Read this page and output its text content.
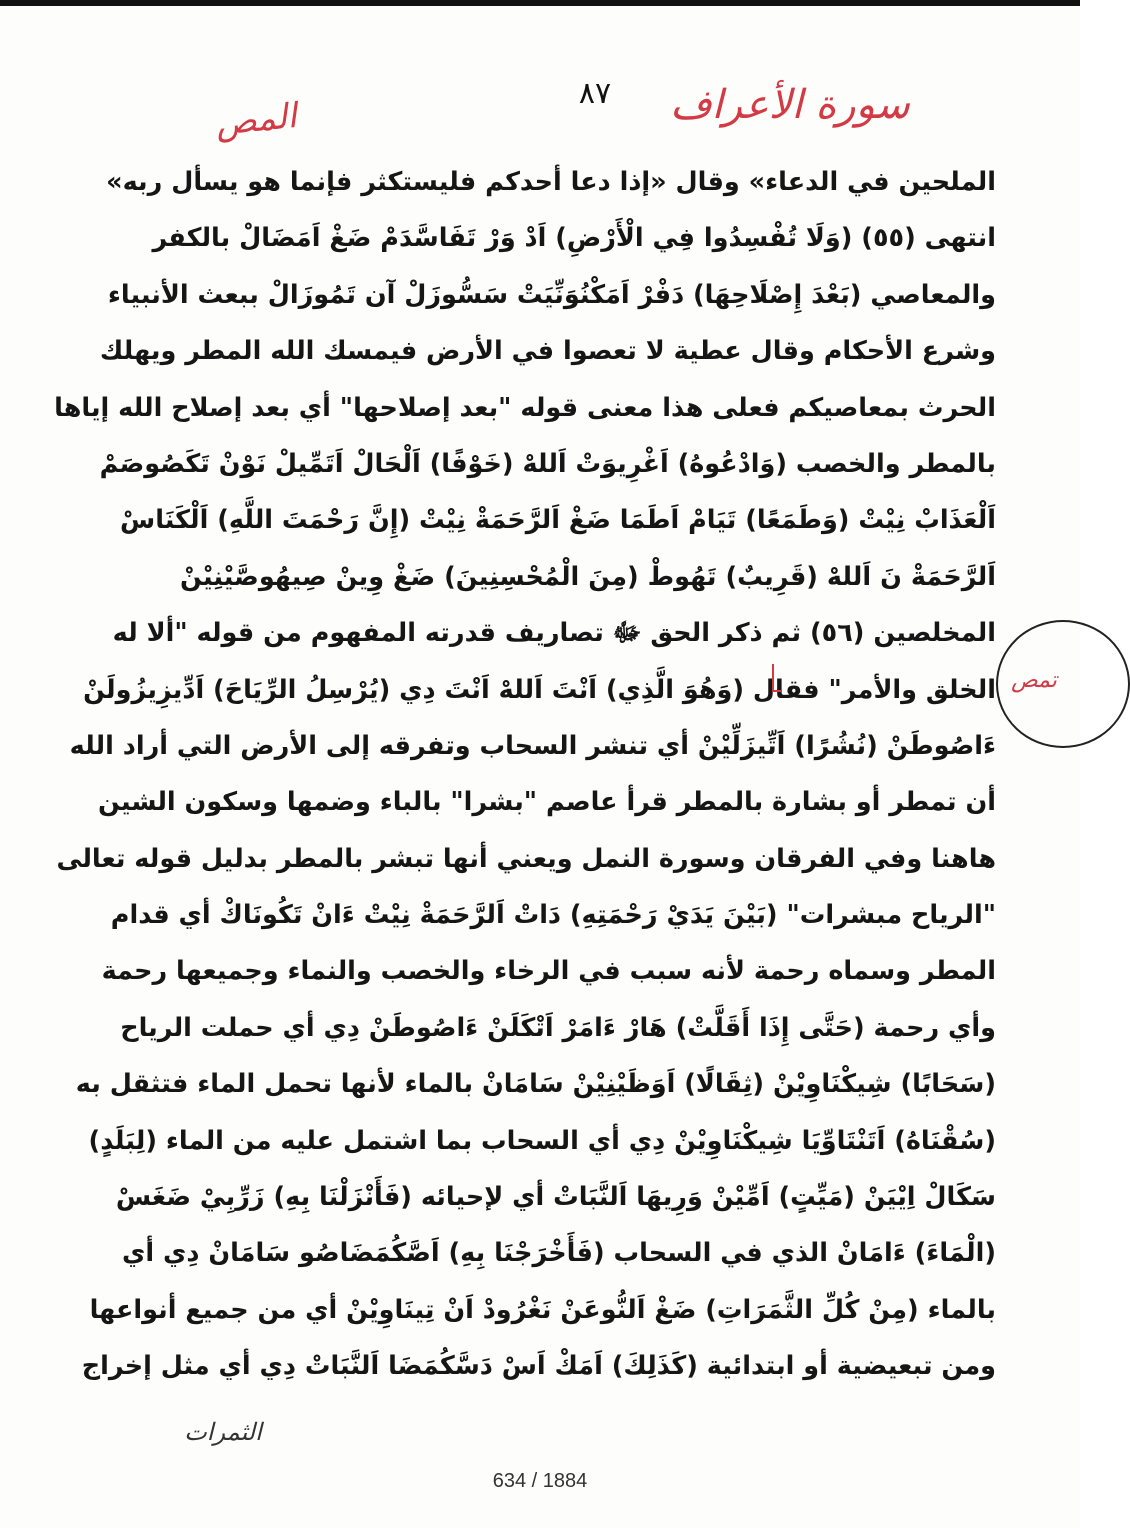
٨٧	سورة الأعراف
المص
الملحين في الدعاء» وقال «إذا دعا أحدكم فليستكثر فإنما هو يسأل ربه»
انتهى (٥٥) (وَلَا تُفْسِدُوا فِي الْأَرْضِ) اَدْ وَرْ تَفَاسَّدَمْ ضَغْ اَمَضَالْ بالكفر
والمعاصي (بَعْدَ إِصْلَاحِهَا) دَفْرْ اَمَكْنُوَنِّيَتْ سَسُّوزَلْ آن تَمُوزَالْ ببعث الأنبياء
وشرع الأحكام وقال عطية لا تعصوا في الأرض فيمسك الله المطر ويهلك
الحرث بمعاصيكم فعلى هذا معنى قوله "بعد إصلاحها" أي بعد إصلاح الله إياها
بالمطر والخصب (وَادْعُوهُ) اَغْرِيوَتْ اَللهْ (خَوْفًا) اَلْحَالْ اَتَمِّيلْ نَوْنْ تَكَصُوصَمْ
اَلْعَذَابْ نِيْتْ (وَطَمَعًا) تَيَامْ اَطَمَا ضَغْ اَلرَّحَمَةْ نِيْتْ (إِنَّ رَحْمَتَ اللَّهِ) اَلْكَنَاسْ
اَلرَّحَمَةْ نَ اَللهْ (قَرِيبٌ) تَهُوطْ (مِنَ الْمُحْسِنِينَ) ضَغْ وِينْ صِيهُوصَّيْنِيْنْ
المخلصين (٥٦) ثم ذكر الحق ﷻ تصاريف قدرته المفهوم من قوله "ألا له
الخلق والأمر" فقال (وَهُوَ الَّذِي) اَنْتَ اَللهْ اَنْتَ دِي (يُرْسِلُ الرِّيَاحَ) اَدِّيزِيزُولَنْ
ءَاصُوطَنْ (نُشُرًا) اَتِّيزَلِّيْنْ أي تنشر السحاب وتفرقه إلى الأرض التي أراد الله
أن تمطر أو بشارة بالمطر قرأ عاصم "بشرا" بالباء وضمها وسكون الشين
هاهنا وفي الفرقان وسورة النمل ويعني أنها تبشر بالمطر بدليل قوله تعالى
"الرياح مبشرات" (بَيْنَ يَدَيْ رَحْمَتِهِ) دَاتْ اَلرَّحَمَةْ نِيْتْ ءَانْ تَكُونَاكْ أي قدام
المطر وسماه رحمة لأنه سبب في الرخاء والخصب والنماء وجميعها رحمة
وأي رحمة (حَتَّى إِذَا أَقَلَّتْ) هَارْ ءَامَرْ اَتْكَلَنْ ءَاصُوطَنْ دِي أي حملت الرياح
(سَحَابًا) شِيكْنَاوِيْنْ (ثِقَالًا) اَوَظَيْنِيْنْ سَامَانْ بالماء لأنها تحمل الماء فتثقل به
(سُقْنَاهُ) اَتَنْتَاوِّيَا شِيكْنَاوِيْنْ دِي أي السحاب بما اشتمل عليه من الماء (لِبَلَدٍ)
سَكَالْ اِيْيَنْ (مَيِّتٍ) اَمِّيْنْ وَرِيهَا اَلنَّبَاتْ أي لإحيائه (فَأَنْزَلْنَا بِهِ) زَرِّبِيْ ضَغَسْ
(الْمَاءَ) ءَامَانْ الذي في السحاب (فَأَخْرَجْنَا بِهِ) اَصَّكُمَضَاصُو سَامَانْ دِي أي
بالماء (مِنْ كُلِّ الثَّمَرَاتِ) ضَغْ اَلنُّوعَنْ نَغْرُودْ اَنْ تِينَاوِيْنْ أي من جميع أنواعها
ومن تبعيضية أو ابتدائية (كَذَلِكَ) اَمَكْ اَسْ دَسَّكُمَضَا اَلنَّبَاتْ دِي أي مثل إخراج
تمص
الثمرات
634 / 1884
